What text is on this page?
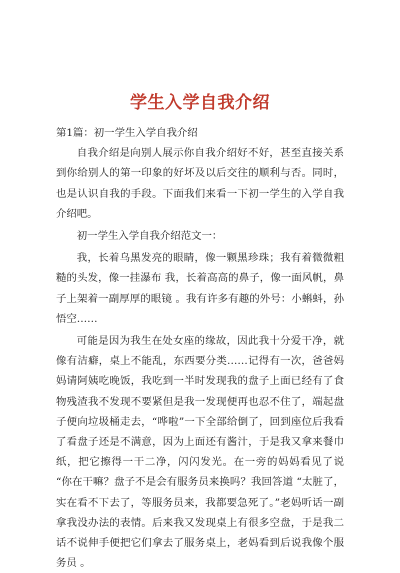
学生入学自我介绍

第1篇：初一学生入学自我介绍

自我介绍是向别人展示你自我介绍好不好，甚至直接关系到你给别人的第一印象的好坏及以后交往的顺利与否。同时，也是认识自我的手段。下面我们来看一下初一学生的入学自我介绍吧。

初一学生入学自我介绍范文一：

我，长着乌黑发亮的眼睛，像一颗黑珍珠；我有着微微粗糙的头发，像一挂瀑布 我，长着高高的鼻子，像一面风帆，鼻子上架着一副厚厚的眼镜 。我有许多有趣的外号：小蝌蚪，孙悟空……

可能是因为我生在处女座的缘故，因此我十分爱干净，就像有洁癖，桌上不能乱，东西要分类……记得有一次，爸爸妈妈请阿姨吃晚饭，我吃到一半时发现我的盘子上面已经有了食物残渣我不发现不要紧但是我一发现便再也忍不住了，端起盘子便向垃圾桶走去，“哗啦”一下全部给倒了，回到座位后我看了看盘子还是不满意，因为上面还有酱汁，于是我又拿来餐巾纸，把它擦得一干二净，闪闪发光。在一旁的妈妈看见了说 “你在干嘛？盘子不是会有服务员来换吗？我回答道 “太脏了，实在看不下去了，等服务员来，我都要急死了。”老妈听话一副拿我没办法的表情。后来我又发现桌上有很多空盘，于是我二话不说伸手便把它们拿去了服务桌上，老妈看到后说我像个服务员 。
